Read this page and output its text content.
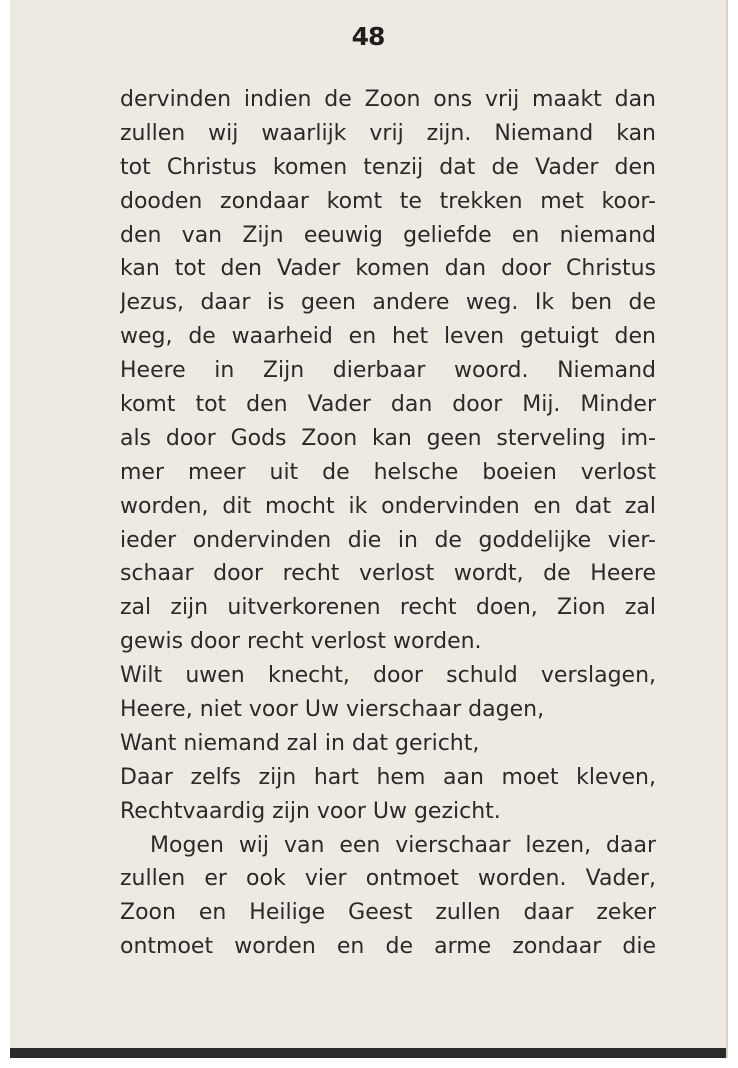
48
dervinden indien de Zoon ons vrij maakt dan
zullen wij waarlijk vrij zijn. Niemand kan
tot Christus komen tenzij dat de Vader den
dooden zondaar komt te trekken met koor-
den van Zijn eeuwig geliefde en niemand
kan tot den Vader komen dan door Christus
Jezus, daar is geen andere weg. Ik ben de
weg, de waarheid en het leven getuigt den
Heere in Zijn dierbaar woord. Niemand
komt tot den Vader dan door Mij. Minder
als door Gods Zoon kan geen sterveling im-
mer meer uit de helsche boeien verlost
worden, dit mocht ik ondervinden en dat zal
ieder ondervinden die in de goddelijke vier-
schaar door recht verlost wordt, de Heere
zal zijn uitverkorenen recht doen, Zion zal
gewis door recht verlost worden.
Wilt uwen knecht, door schuld verslagen,
Heere, niet voor Uw vierschaar dagen,
Want niemand zal in dat gericht,
Daar zelfs zijn hart hem aan moet kleven,
Rechtvaardig zijn voor Uw gezicht.
Mogen wij van een vierschaar lezen, daar
zullen er ook vier ontmoet worden. Vader,
Zoon en Heilige Geest zullen daar zeker
ontmoet worden en de arme zondaar die
